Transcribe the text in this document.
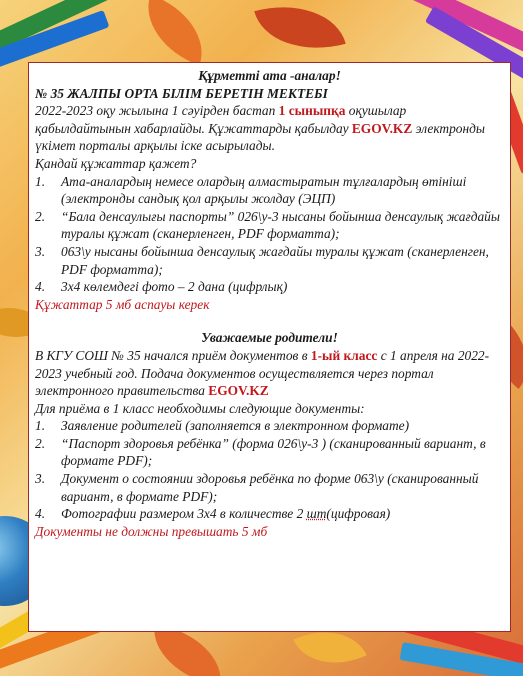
Құрметті ата -аналар!
№ 35 ЖАЛПЫ ОРТА БІЛІМ БЕРЕТІН МЕКТЕБІ
2022-2023 оқу жылына 1 сәуірден бастап 1 сыныпқа оқушылар қабылдайтынын хабарлайды. Құжаттарды қабылдау EGOV.KZ электронды үкімет порталы арқылы іске асырылады.
Қандай құжаттар қажет?
1.	Ата-аналардың немесе олардың алмастыратын тұлғалардың өтініші (электронды сандық қол арқылы жолдау (ЭЦП)
2.	“Бала денсаулығы паспорты” 026\у-3 нысаны бойынша денсаулық жағдайы туралы құжат (сканерленген, PDF форматта);
3.	063\у нысаны бойынша денсаулық жағдайы туралы құжат (сканерленген, PDF форматта);
4.	3х4 көлемдегі фото – 2 дана (цифрлық)
Құжаттар 5 мб аспауы керек
Уважаемые родители!
В КГУ СОШ № 35 начался приём документов в 1-ый класс с 1 апреля на 2022-2023 учебный год. Подача документов осуществляется через портал электронного правительства EGOV.KZ
Для приёма в 1 класс необходимы следующие документы:
1.	Заявление родителей (заполняется в электронном формате)
2.	“Паспорт здоровья ребёнка” (форма 026\у-3 ) (сканированный вариант, в формате PDF);
3.	Документ о состоянии здоровья ребёнка по форме 063\у (сканированный вариант, в формате PDF);
4.	Фотографии размером 3х4 в количестве 2 шт(цифровая)
Документы не должны превышать 5 мб
